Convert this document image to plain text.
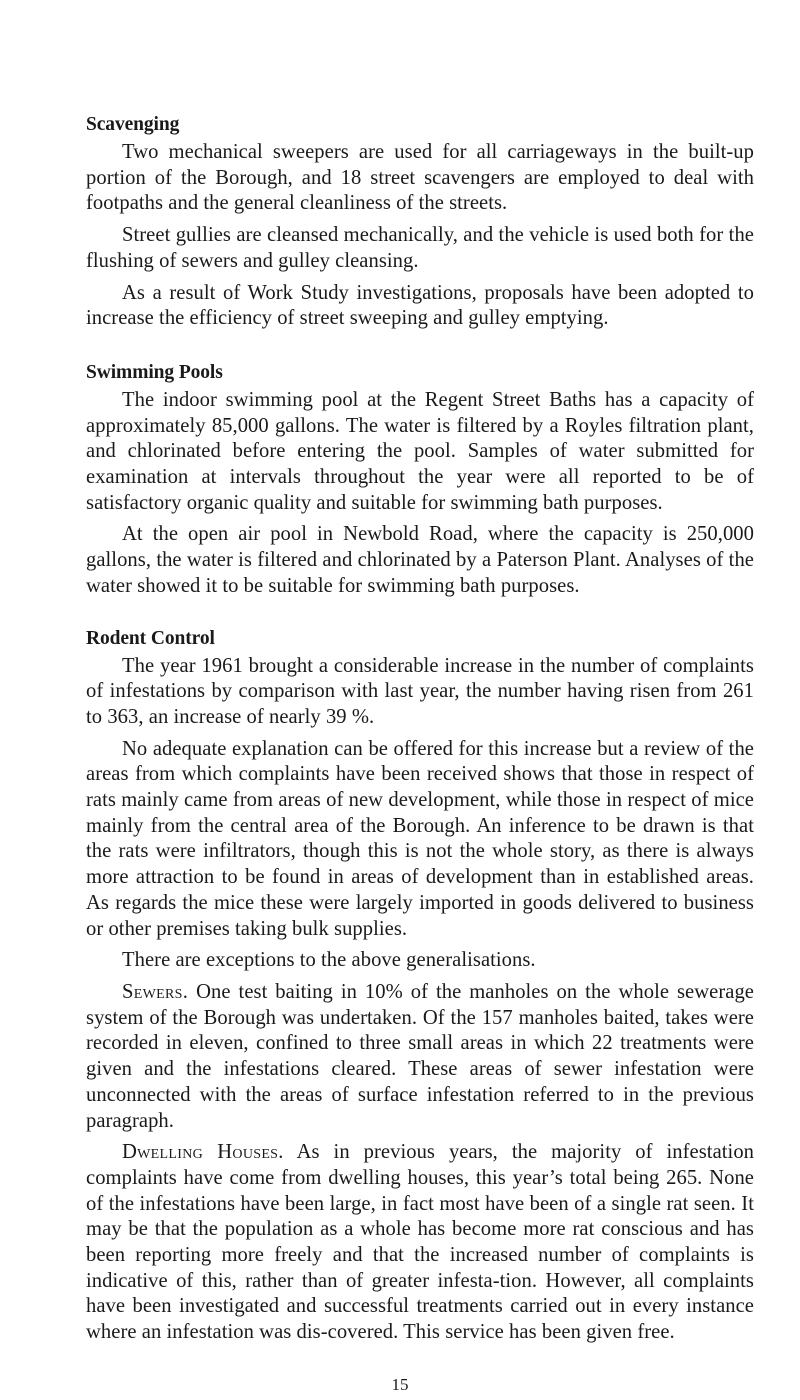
Scavenging

Two mechanical sweepers are used for all carriageways in the built-up portion of the Borough, and 18 street scavengers are employed to deal with footpaths and the general cleanliness of the streets.

Street gullies are cleansed mechanically, and the vehicle is used both for the flushing of sewers and gulley cleansing.

As a result of Work Study investigations, proposals have been adopted to increase the efficiency of street sweeping and gulley emptying.

Swimming Pools

The indoor swimming pool at the Regent Street Baths has a capacity of approximately 85,000 gallons. The water is filtered by a Royles filtration plant, and chlorinated before entering the pool. Samples of water submitted for examination at intervals throughout the year were all reported to be of satisfactory organic quality and suitable for swimming bath purposes.

At the open air pool in Newbold Road, where the capacity is 250,000 gallons, the water is filtered and chlorinated by a Paterson Plant. Analyses of the water showed it to be suitable for swimming bath purposes.

Rodent Control

The year 1961 brought a considerable increase in the number of complaints of infestations by comparison with last year, the number having risen from 261 to 363, an increase of nearly 39 %.

No adequate explanation can be offered for this increase but a review of the areas from which complaints have been received shows that those in respect of rats mainly came from areas of new development, while those in respect of mice mainly from the central area of the Borough. An inference to be drawn is that the rats were infiltrators, though this is not the whole story, as there is always more attraction to be found in areas of development than in established areas. As regards the mice these were largely imported in goods delivered to business or other premises taking bulk supplies.

There are exceptions to the above generalisations.

Sewers. One test baiting in 10% of the manholes on the whole sewerage system of the Borough was undertaken. Of the 157 manholes baited, takes were recorded in eleven, confined to three small areas in which 22 treatments were given and the infestations cleared. These areas of sewer infestation were unconnected with the areas of surface infestation referred to in the previous paragraph.

Dwelling Houses. As in previous years, the majority of infestation complaints have come from dwelling houses, this year’s total being 265. None of the infestations have been large, in fact most have been of a single rat seen. It may be that the population as a whole has become more rat conscious and has been reporting more freely and that the increased number of complaints is indicative of this, rather than of greater infesta-tion. However, all complaints have been investigated and successful treatments carried out in every instance where an infestation was dis-covered. This service has been given free.

15
